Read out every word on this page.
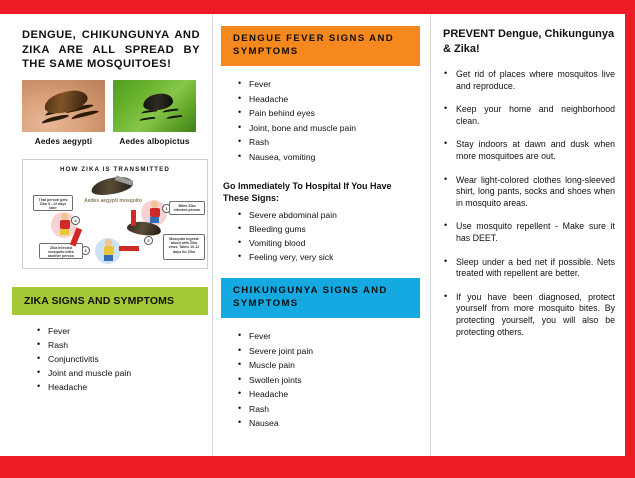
DENGUE, CHIKUNGUNYA AND ZIKA ARE ALL SPREAD BY THE SAME MOSQUITOES!
Aedes aegypti	Aedes albopictus
HOW ZIKA IS TRANSMITTED
Aedes aegypti mosquito
1	Bites Zika infected person
2	Mosquito ingests blood with Zika virus. Takes 10-12 days for Zika
3
Zika infected mosquito bites another person
4
That person gets Zika 3 - 12 days later
ZIKA SIGNS AND SYMPTOMS
• Fever
• Rash
• Conjunctivitis
• Joint and muscle pain
• Headache
DENGUE FEVER SIGNS AND SYMPTOMS
• Fever
• Headache
• Pain behind eyes
• Joint, bone and muscle pain
• Rash
• Nausea, vomiting
Go Immediately To Hospital If You Have These Signs:
• Severe abdominal pain
• Bleeding gums
• Vomiting blood
• Feeling very, very sick
CHIKUNGUNYA SIGNS AND SYMPTOMS
• Fever
• Severe joint pain
• Muscle pain
• Swollen joints
• Headache
• Rash
• Nausea
PREVENT Dengue, Chikungunya & Zika!
• Get rid of places where mosquitos live and reproduce.
• Keep your home and neighborhood clean.
• Stay indoors at dawn and dusk when more mosquitoes are out.
• Wear light-colored clothes long-sleeved shirt, long pants, socks and shoes when in mosquito areas.
• Use mosquito repellent - Make sure it has DEET.
• Sleep under a bed net if possible. Nets treated with repellent are better.
• If you have been diagnosed, protect yourself from more mosquito bites. By protecting yourself, you will also be protecting others.
